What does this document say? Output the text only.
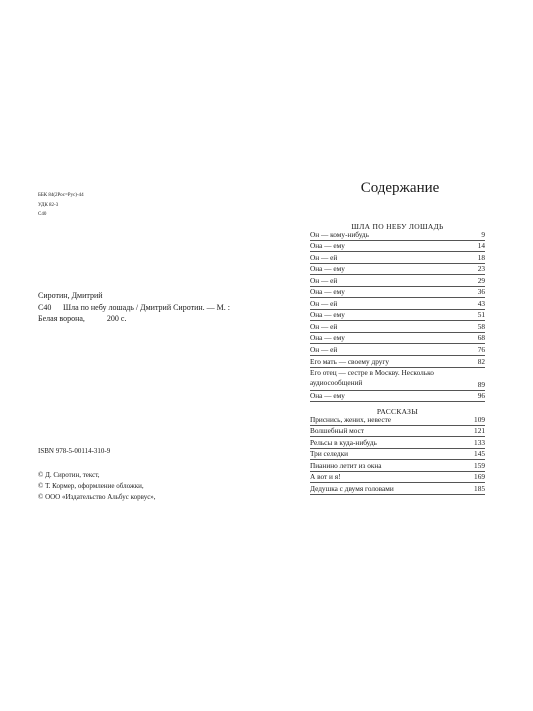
ББК 84(2Рос=Рус)-44
УДК 82-3
С40
Сиротин, Дмитрий
С40 Шла по небу лошадь / Дмитрий Сиротин. — М. :
Белая ворона,	200 с.
ISBN 978-5-00114-310-9
© Д. Сиротин, текст,
© Т. Кормер, оформление обложки,
© ООО «Издательство Альбус корвус»,
Содержание
ШЛА ПО НЕБУ ЛОШАДЬ
Он — кому-нибудь	9
Она — ему	14
Он — ей	18
Она — ему	23
Он — ей	29
Она — ему	36
Он — ей	43
Она — ему	51
Он — ей	58
Она — ему	68
Он — ей	76
Его мать — своему другу	82
Его отец — сестре в Москву. Несколько аудиосообщений	89
Она — ему	96
РАССКАЗЫ
Приснись, жених, невесте	109
Волшебный мост	121
Рельсы в куда-нибудь	133
Три селедки	145
Пианино летит из окна	159
А вот и я!	169
Дедушка с двумя головами	185
